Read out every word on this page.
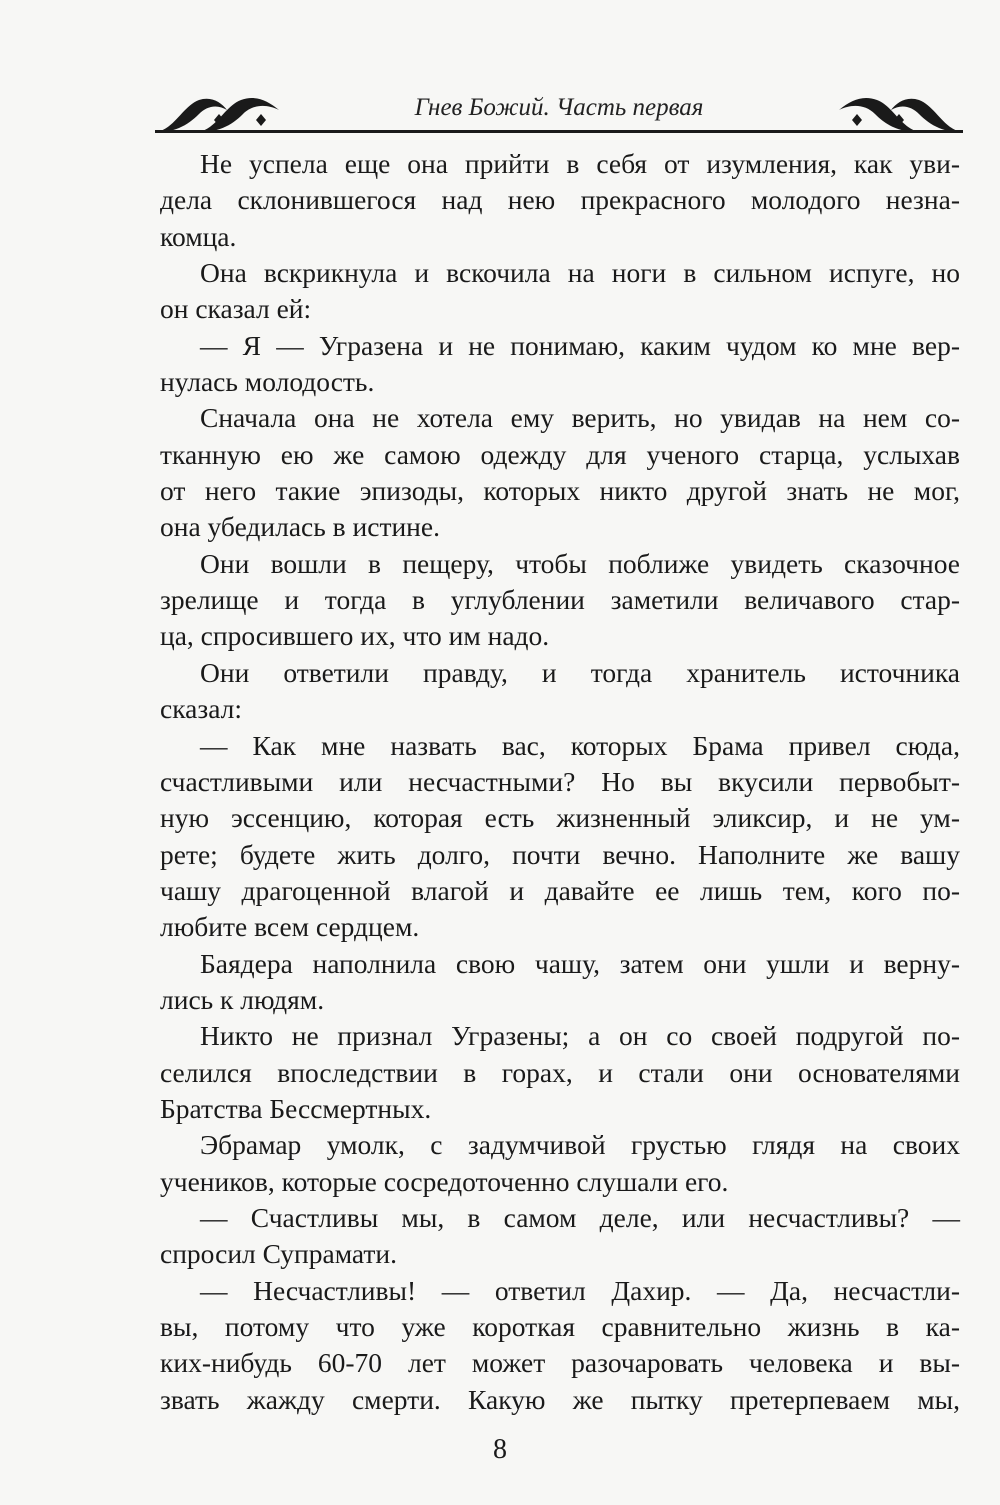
Гнев Божий. Часть первая
Не успела еще она прийти в себя от изумления, как уви-
дела склонившегося над нею прекрасного молодого незна-
комца.
Она вскрикнула и вскочила на ноги в сильном испуге, но
он сказал ей:
— Я — Угразена и не понимаю, каким чудом ко мне вер-
нулась молодость.
Сначала она не хотела ему верить, но увидав на нем со-
тканную ею же самою одежду для ученого старца, услыхав
от него такие эпизоды, которых никто другой знать не мог,
она убедилась в истине.
Они вошли в пещеру, чтобы поближе увидеть сказочное
зрелище и тогда в углублении заметили величавого стар-
ца, спросившего их, что им надо.
Они ответили правду, и тогда хранитель источника
сказал:
— Как мне назвать вас, которых Брама привел сюда,
счастливыми или несчастными? Но вы вкусили первобыт-
ную эссенцию, которая есть жизненный эликсир, и не ум-
рете; будете жить долго, почти вечно. Наполните же вашу
чашу драгоценной влагой и давайте ее лишь тем, кого по-
любите всем сердцем.
Баядера наполнила свою чашу, затем они ушли и верну-
лись к людям.
Никто не признал Угразены; а он со своей подругой по-
селился впоследствии в горах, и стали они основателями
Братства Бессмертных.
Эбрамар умолк, с задумчивой грустью глядя на своих
учеников, которые сосредоточенно слушали его.
— Счастливы мы, в самом деле, или несчастливы? —
спросил Супрамати.
— Несчастливы! — ответил Дахир. — Да, несчастли-
вы, потому что уже короткая сравнительно жизнь в ка-
ких-нибудь 60-70 лет может разочаровать человека и вы-
звать жажду смерти. Какую же пытку претерпеваем мы,
8
